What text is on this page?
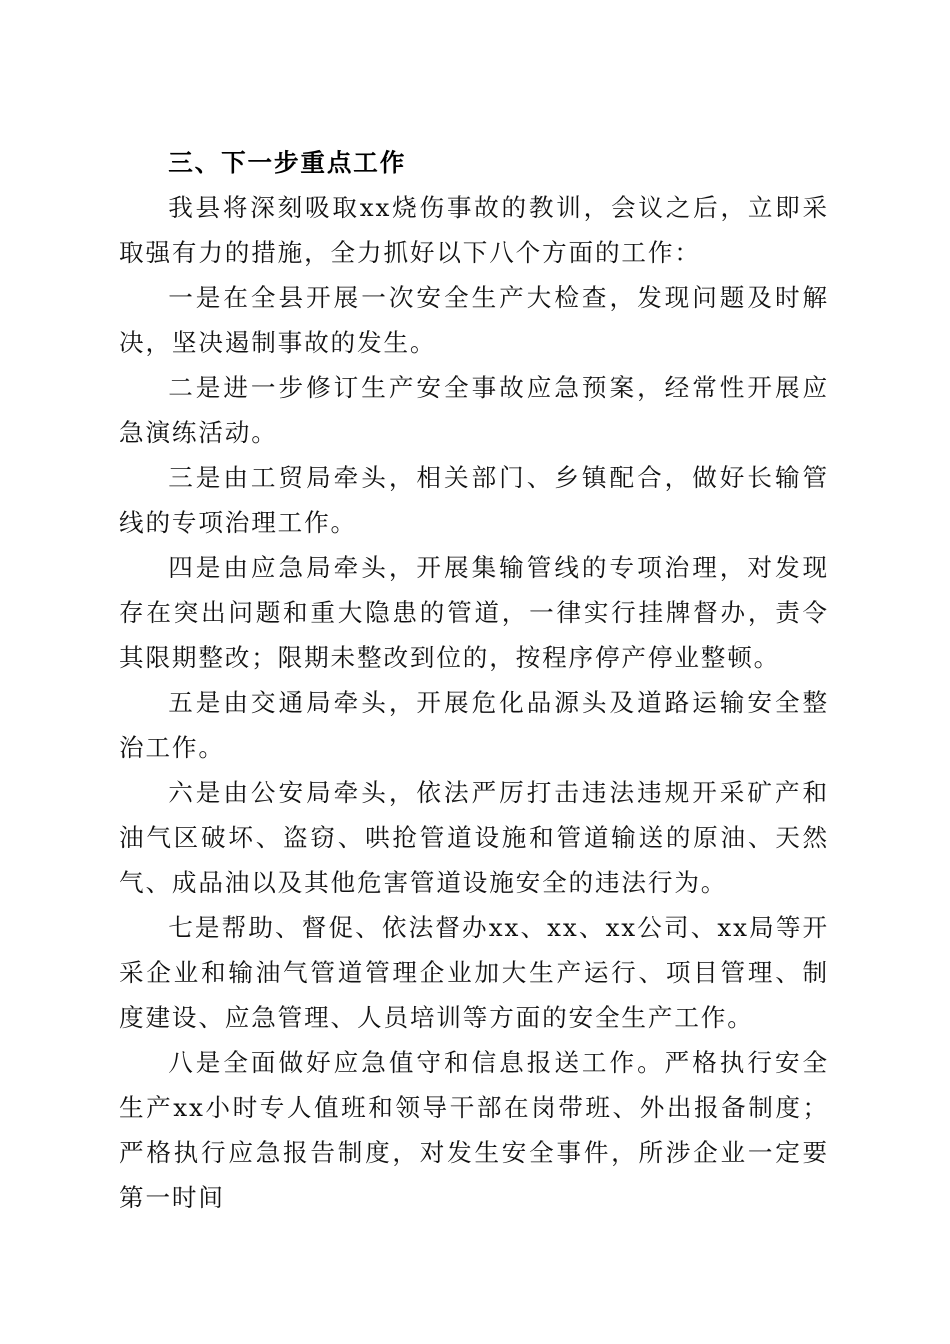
三、下一步重点工作

我县将深刻吸取xx烧伤事故的教训，会议之后，立即采取强有力的措施，全力抓好以下八个方面的工作：

一是在全县开展一次安全生产大检查，发现问题及时解决，坚决遏制事故的发生。

二是进一步修订生产安全事故应急预案，经常性开展应急演练活动。

三是由工贸局牵头，相关部门、乡镇配合，做好长输管线的专项治理工作。

四是由应急局牵头，开展集输管线的专项治理，对发现存在突出问题和重大隐患的管道，一律实行挂牌督办，责令其限期整改；限期未整改到位的，按程序停产停业整顿。

五是由交通局牵头，开展危化品源头及道路运输安全整治工作。

六是由公安局牵头，依法严厉打击违法违规开采矿产和油气区破坏、盗窃、哄抢管道设施和管道输送的原油、天然气、成品油以及其他危害管道设施安全的违法行为。

七是帮助、督促、依法督办xx、xx、xx公司、xx局等开采企业和输油气管道管理企业加大生产运行、项目管理、制度建设、应急管理、人员培训等方面的安全生产工作。

八是全面做好应急值守和信息报送工作。严格执行安全生产xx小时专人值班和领导干部在岗带班、外出报备制度；严格执行应急报告制度，对发生安全事件，所涉企业一定要第一时间
